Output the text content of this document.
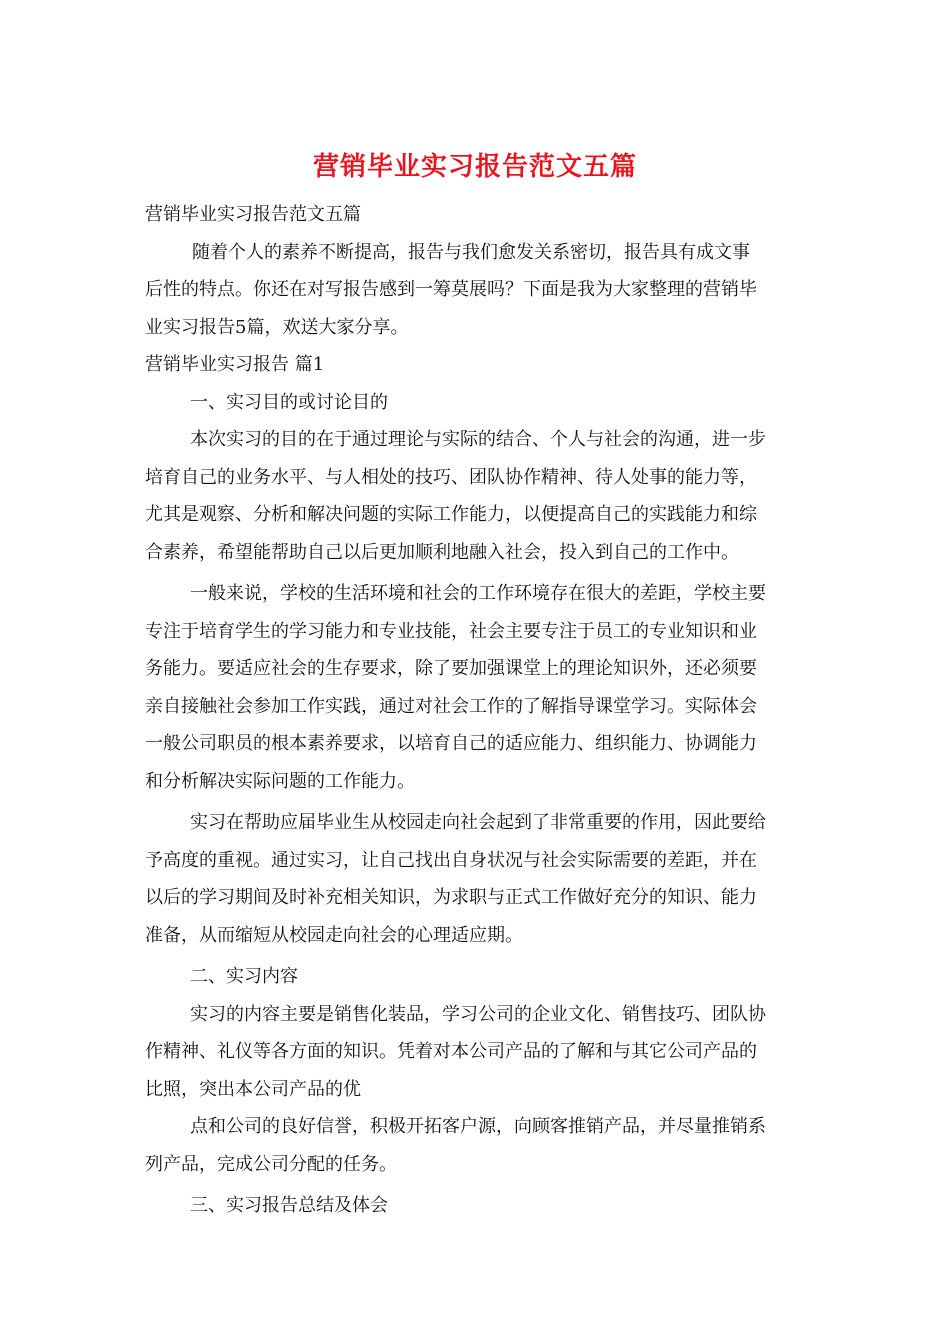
营销毕业实习报告范文五篇
营销毕业实习报告范文五篇
随着个人的素养不断提高，报告与我们愈发关系密切，报告具有成文事
后性的特点。你还在对写报告感到一筹莫展吗？下面是我为大家整理的营销毕
业实习报告5篇，欢送大家分享。
营销毕业实习报告 篇1
一、实习目的或讨论目的
本次实习的目的在于通过理论与实际的结合、个人与社会的沟通，进一步
培育自己的业务水平、与人相处的技巧、团队协作精神、待人处事的能力等，
尤其是观察、分析和解决问题的实际工作能力，以便提高自己的实践能力和综
合素养，希望能帮助自己以后更加顺利地融入社会，投入到自己的工作中。
一般来说，学校的生活环境和社会的工作环境存在很大的差距，学校主要
专注于培育学生的学习能力和专业技能，社会主要专注于员工的专业知识和业
务能力。要适应社会的生存要求，除了要加强课堂上的理论知识外，还必须要
亲自接触社会参加工作实践，通过对社会工作的了解指导课堂学习。实际体会
一般公司职员的根本素养要求，以培育自己的适应能力、组织能力、协调能力
和分析解决实际问题的工作能力。
实习在帮助应届毕业生从校园走向社会起到了非常重要的作用，因此要给
予高度的重视。通过实习，让自己找出自身状况与社会实际需要的差距，并在
以后的学习期间及时补充相关知识，为求职与正式工作做好充分的知识、能力
准备，从而缩短从校园走向社会的心理适应期。
二、实习内容
实习的内容主要是销售化装品，学习公司的企业文化、销售技巧、团队协
作精神、礼仪等各方面的知识。凭着对本公司产品的了解和与其它公司产品的
比照，突出本公司产品的优
点和公司的良好信誉，积极开拓客户源，向顾客推销产品，并尽量推销系
列产品，完成公司分配的任务。
三、实习报告总结及体会
